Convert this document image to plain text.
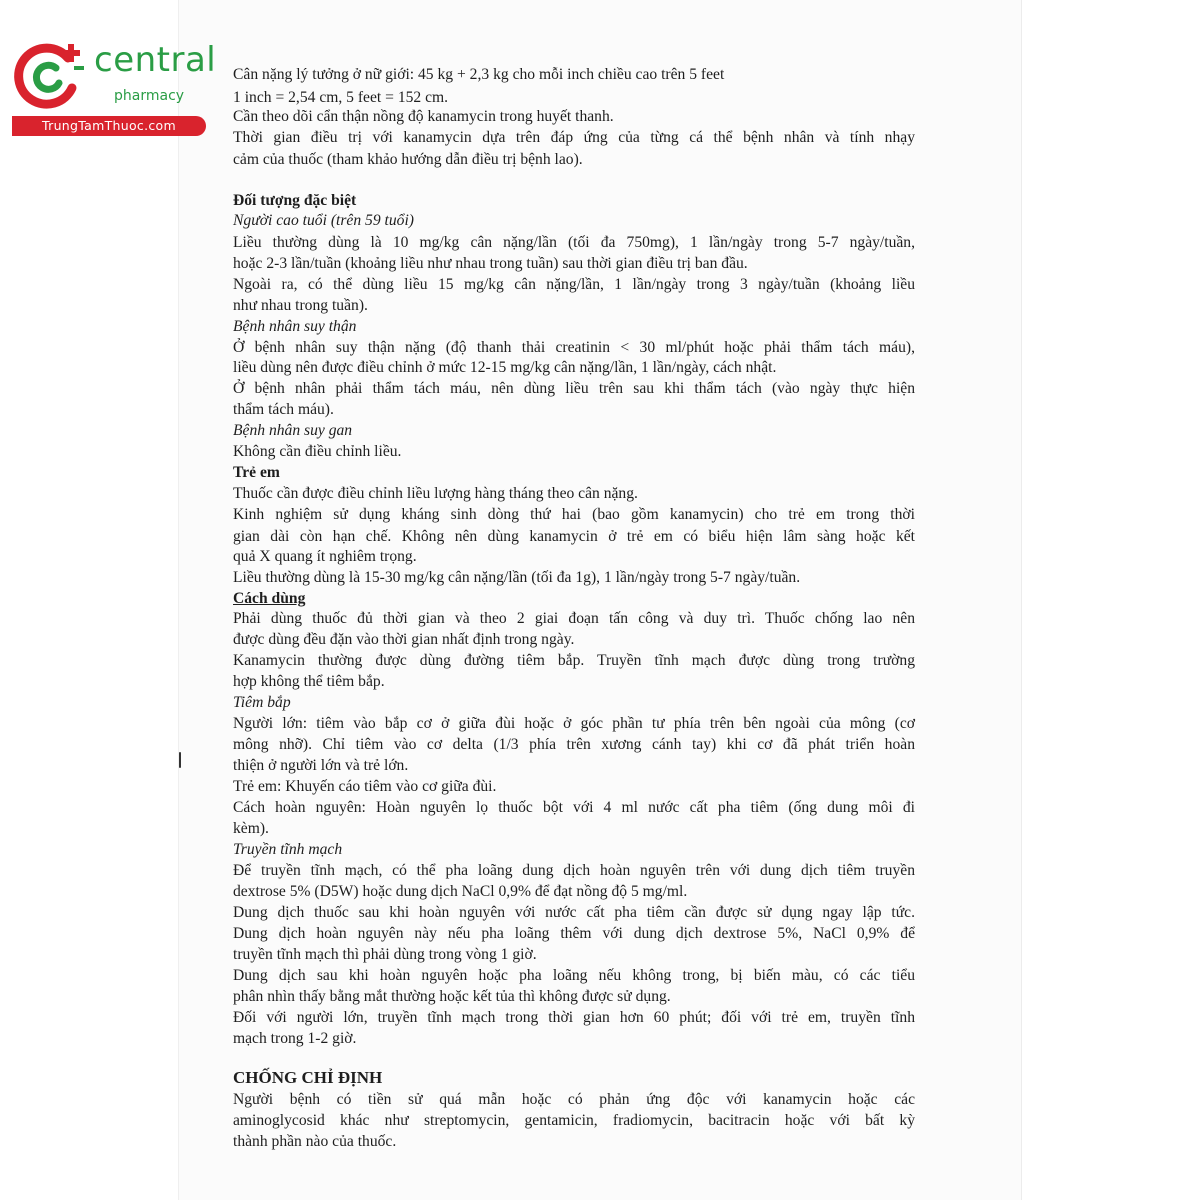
central
pharmacy
TrungTamThuoc.com
Cân nặng lý tưởng ở nữ giới: 45 kg + 2,3 kg cho mỗi inch chiều cao trên 5 feet
1 inch = 2,54 cm, 5 feet = 152 cm.
Cần theo dõi cẩn thận nồng độ kanamycin trong huyết thanh.
Thời gian điều trị với kanamycin dựa trên đáp ứng của từng cá thể bệnh nhân và tính nhạy
cảm của thuốc (tham khảo hướng dẫn điều trị bệnh lao).
Đối tượng đặc biệt
Người cao tuổi (trên 59 tuổi)
Liều thường dùng là 10 mg/kg cân nặng/lần (tối đa 750mg), 1 lần/ngày trong 5-7 ngày/tuần,
hoặc 2-3 lần/tuần (khoảng liều như nhau trong tuần) sau thời gian điều trị ban đầu.
Ngoài ra, có thể dùng liều 15 mg/kg cân nặng/lần, 1 lần/ngày trong 3 ngày/tuần (khoảng liều
như nhau trong tuần).
Bệnh nhân suy thận
Ở bệnh nhân suy thận nặng (độ thanh thải creatinin < 30 ml/phút hoặc phải thẩm tách máu),
liều dùng nên được điều chỉnh ở mức 12-15 mg/kg cân nặng/lần, 1 lần/ngày, cách nhật.
Ở bệnh nhân phải thẩm tách máu, nên dùng liều trên sau khi thẩm tách (vào ngày thực hiện
thẩm tách máu).
Bệnh nhân suy gan
Không cần điều chỉnh liều.
Trẻ em
Thuốc cần được điều chỉnh liều lượng hàng tháng theo cân nặng.
Kinh nghiệm sử dụng kháng sinh dòng thứ hai (bao gồm kanamycin) cho trẻ em trong thời
gian dài còn hạn chế. Không nên dùng kanamycin ở trẻ em có biểu hiện lâm sàng hoặc kết
quả X quang ít nghiêm trọng.
Liều thường dùng là 15-30 mg/kg cân nặng/lần (tối đa 1g), 1 lần/ngày trong 5-7 ngày/tuần.
Cách dùng
Phải dùng thuốc đủ thời gian và theo 2 giai đoạn tấn công và duy trì. Thuốc chống lao nên
được dùng đều đặn vào thời gian nhất định trong ngày.
Kanamycin thường được dùng đường tiêm bắp. Truyền tĩnh mạch được dùng trong trường
hợp không thể tiêm bắp.
Tiêm bắp
Người lớn: tiêm vào bắp cơ ở giữa đùi hoặc ở góc phần tư phía trên bên ngoài của mông (cơ
mông nhỡ). Chỉ tiêm vào cơ delta (1/3 phía trên xương cánh tay) khi cơ đã phát triển hoàn
thiện ở người lớn và trẻ lớn.
Trẻ em: Khuyến cáo tiêm vào cơ giữa đùi.
Cách hoàn nguyên: Hoàn nguyên lọ thuốc bột với 4 ml nước cất pha tiêm (ống dung môi đi
kèm).
Truyền tĩnh mạch
Để truyền tĩnh mạch, có thể pha loãng dung dịch hoàn nguyên trên với dung dịch tiêm truyền
dextrose 5% (D5W) hoặc dung dịch NaCl 0,9% để đạt nồng độ 5 mg/ml.
Dung dịch thuốc sau khi hoàn nguyên với nước cất pha tiêm cần được sử dụng ngay lập tức.
Dung dịch hoàn nguyên này nếu pha loãng thêm với dung dịch dextrose 5%, NaCl 0,9% để
truyền tĩnh mạch thì phải dùng trong vòng 1 giờ.
Dung dịch sau khi hoàn nguyên hoặc pha loãng nếu không trong, bị biến màu, có các tiểu
phân nhìn thấy bằng mắt thường hoặc kết tủa thì không được sử dụng.
Đối với người lớn, truyền tĩnh mạch trong thời gian hơn 60 phút; đối với trẻ em, truyền tĩnh
mạch trong 1-2 giờ.
CHỐNG CHỈ ĐỊNH
Người bệnh có tiền sử quá mẫn hoặc có phản ứng độc với kanamycin hoặc các
aminoglycosid khác như streptomycin, gentamicin, fradiomycin, bacitracin hoặc với bất kỳ
thành phần nào của thuốc.
